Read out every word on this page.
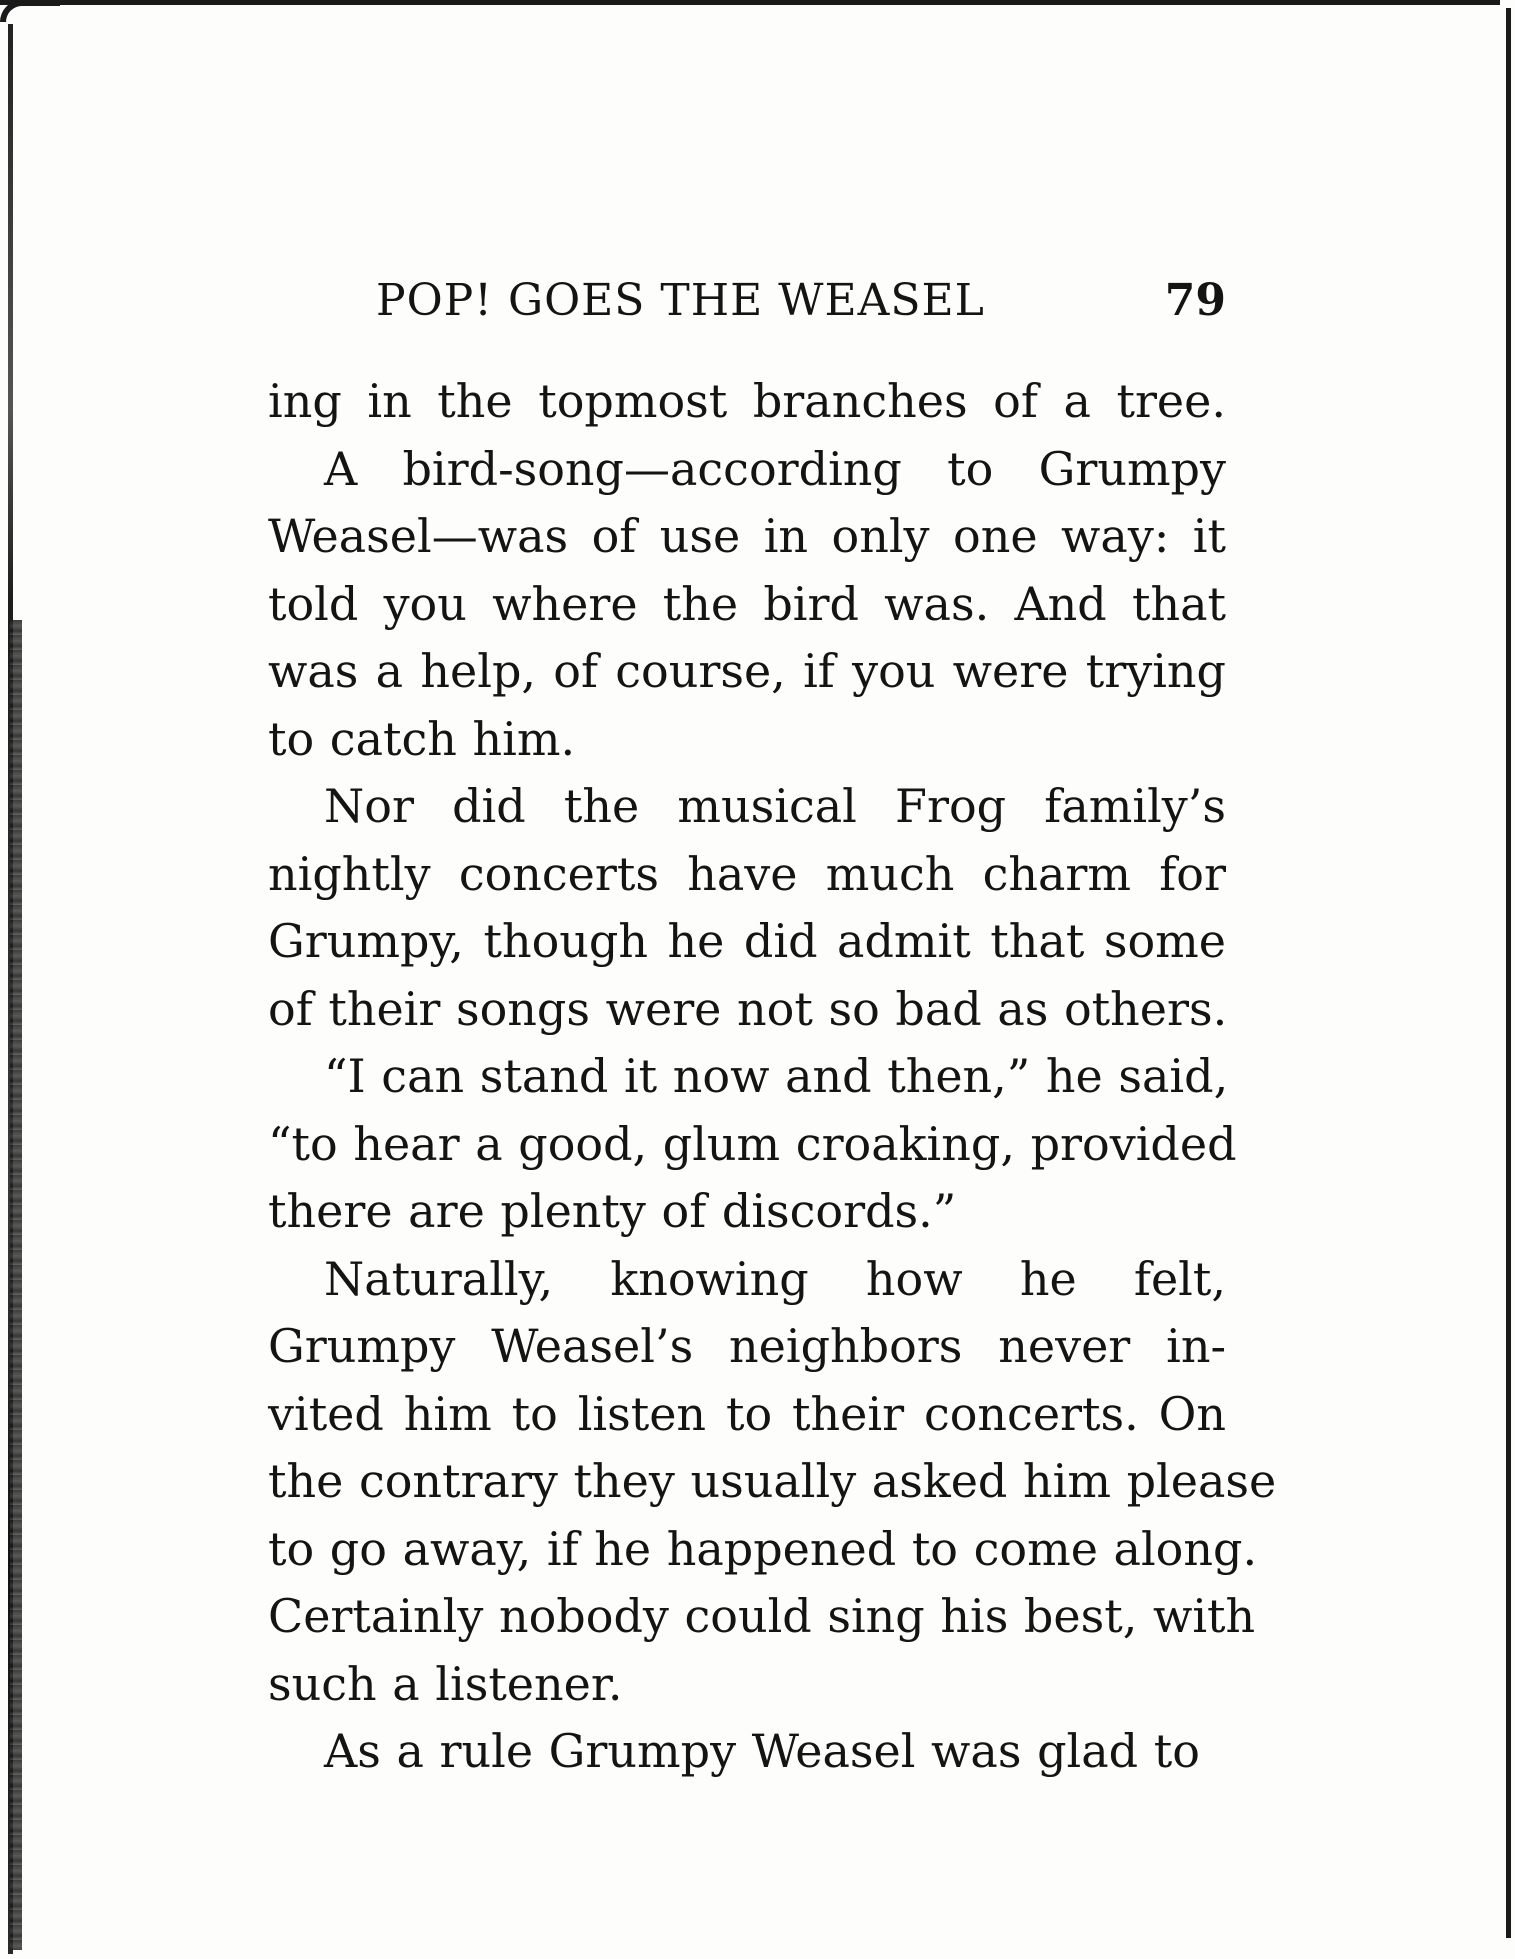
POP! GOES THE WEASEL	79
ing in the topmost branches of a tree.
A bird-song—according to Grumpy
Weasel—was of use in only one way: it
told you where the bird was. And that
was a help, of course, if you were trying
to catch him.
Nor did the musical Frog family’s
nightly concerts have much charm for
Grumpy, though he did admit that some
of their songs were not so bad as others.
“I can stand it now and then,” he said,
“to hear a good, glum croaking, provided
there are plenty of discords.”
Naturally, knowing how he felt,
Grumpy Weasel’s neighbors never in-
vited him to listen to their concerts. On
the contrary they usually asked him please
to go away, if he happened to come along.
Certainly nobody could sing his best, with
such a listener.
As a rule Grumpy Weasel was glad to
